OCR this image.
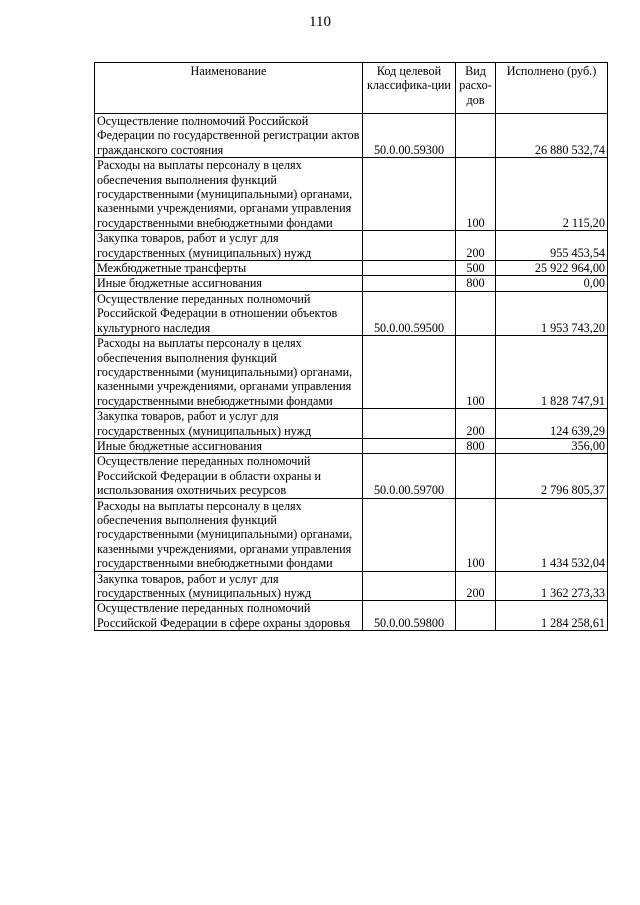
110
Наименование	Код целевой классифика-ции	Вид расхо-дов	Исполнено (руб.)
Осуществление полномочий Российской Федерации по государственной регистрации актов гражданского состояния	50.0.00.59300		26 880 532,74
Расходы на выплаты персоналу в целях обеспечения выполнения функций государственными (муниципальными) органами, казенными учреждениями, органами управления государственными внебюджетными фондами		100	2 115,20
Закупка товаров, работ и услуг для государственных (муниципальных) нужд		200	955 453,54
Межбюджетные трансферты		500	25 922 964,00
Иные бюджетные ассигнования		800	0,00
Осуществление переданных полномочий Российской Федерации в отношении объектов культурного наследия	50.0.00.59500		1 953 743,20
Расходы на выплаты персоналу в целях обеспечения выполнения функций государственными (муниципальными) органами, казенными учреждениями, органами управления государственными внебюджетными фондами		100	1 828 747,91
Закупка товаров, работ и услуг для государственных (муниципальных) нужд		200	124 639,29
Иные бюджетные ассигнования		800	356,00
Осуществление переданных полномочий Российской Федерации в области охраны и использования охотничьих ресурсов	50.0.00.59700		2 796 805,37
Расходы на выплаты персоналу в целях обеспечения выполнения функций государственными (муниципальными) органами, казенными учреждениями, органами управления государственными внебюджетными фондами		100	1 434 532,04
Закупка товаров, работ и услуг для государственных (муниципальных) нужд		200	1 362 273,33
Осуществление переданных полномочий Российской Федерации в сфере охраны здоровья	50.0.00.59800		1 284 258,61
